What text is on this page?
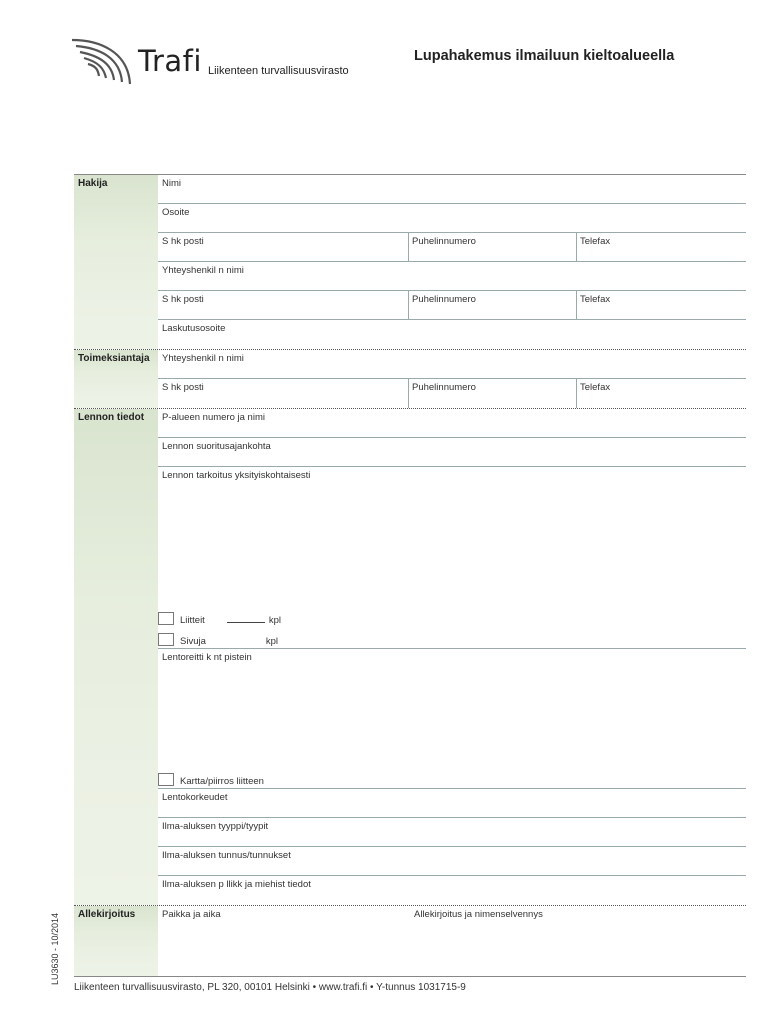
Trafi Liikenteen turvallisuusvirasto
Lupahakemus ilmailuun kieltoalueella
LU3630 - 10/2014
Hakija	Nimi
Osoite
S hk posti	Puhelinnumero	Telefax
Yhteyshenkil n nimi
S hk posti	Puhelinnumero	Telefax
Laskutusosoite
Toimeksiantaja	Yhteyshenkil n nimi
S hk posti	Puhelinnumero	Telefax
Lennon tiedot	P-alueen numero ja nimi
Lennon suoritusajankohta
Lennon tarkoitus yksityiskohtaisesti
Liitteit	kpl
Sivuja	kpl
Lentoreitti k nt pistein
Kartta/piirros liitteen
Lentokorkeudet
Ilma-aluksen tyyppi/tyypit
Ilma-aluksen tunnus/tunnukset
Ilma-aluksen p llikk ja miehist tiedot
Allekirjoitus	Paikka ja aika	Allekirjoitus ja nimenselvennys
Liikenteen turvallisuusvirasto, PL 320, 00101 Helsinki • www.trafi.fi • Y-tunnus 1031715-9
